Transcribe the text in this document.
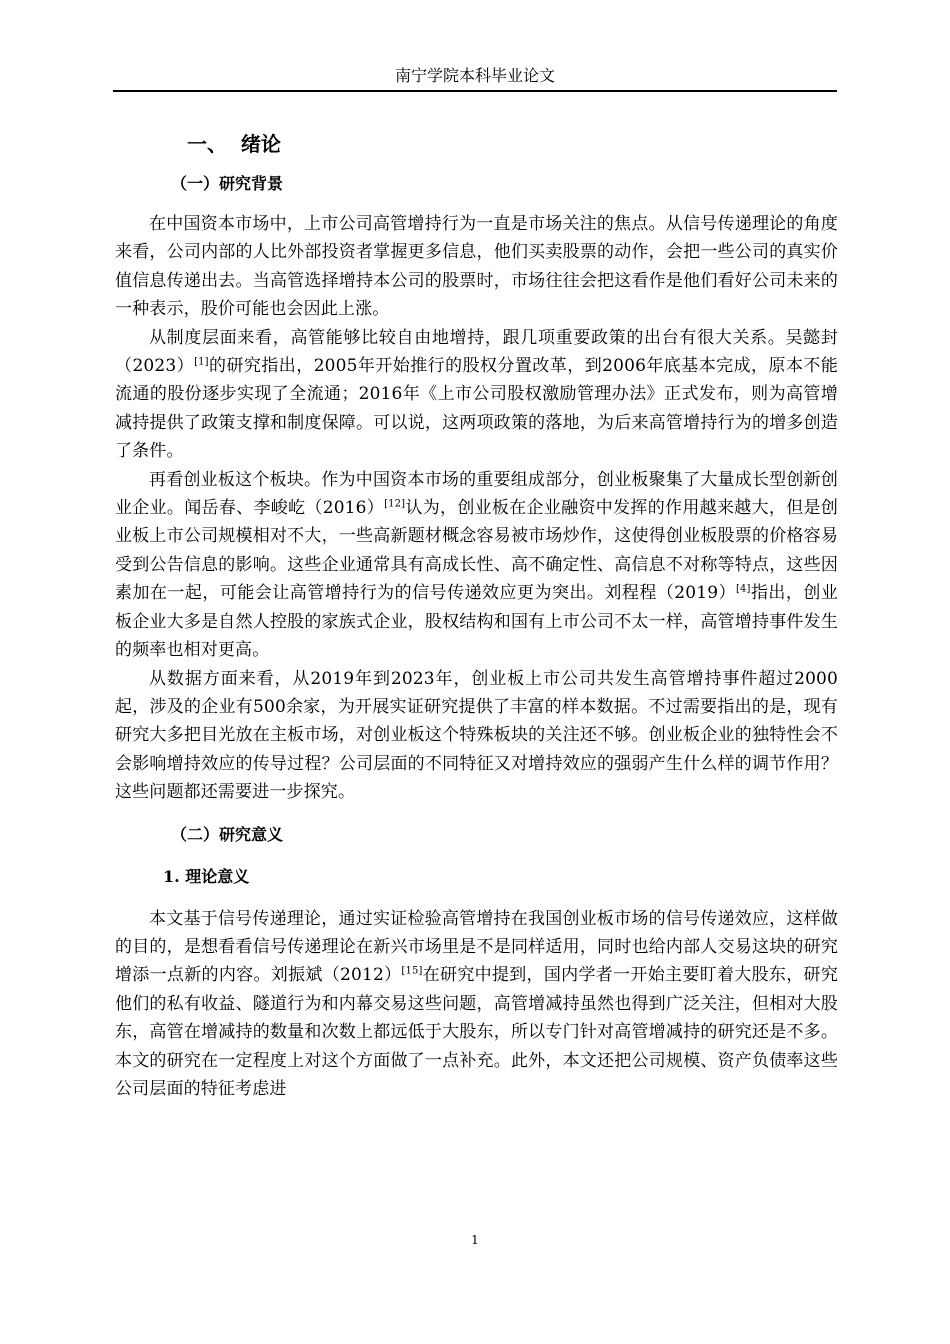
南宁学院本科毕业论文
一、  绪论
（一）研究背景

在中国资本市场中，上市公司高管增持行为一直是市场关注的焦点。从信号传递理论的角度来看，公司内部的人比外部投资者掌握更多信息，他们买卖股票的动作，会把一些公司的真实价值信息传递出去。当高管选择增持本公司的股票时，市场往往会把这看作是他们看好公司未来的一种表示，股价可能也会因此上涨。

从制度层面来看，高管能够比较自由地增持，跟几项重要政策的出台有很大关系。吴懿封（2023）[1]的研究指出，2005年开始推行的股权分置改革，到2006年底基本完成，原本不能流通的股份逐步实现了全流通；2016年《上市公司股权激励管理办法》正式发布，则为高管增减持提供了政策支撑和制度保障。可以说，这两项政策的落地，为后来高管增持行为的增多创造了条件。

再看创业板这个板块。作为中国资本市场的重要组成部分，创业板聚集了大量成长型创新创业企业。闻岳春、李峻屹（2016）[12]认为，创业板在企业融资中发挥的作用越来越大，但是创业板上市公司规模相对不大，一些高新题材概念容易被市场炒作，这使得创业板股票的价格容易受到公告信息的影响。这些企业通常具有高成长性、高不确定性、高信息不对称等特点，这些因素加在一起，可能会让高管增持行为的信号传递效应更为突出。刘程程（2019）[4]指出，创业板企业大多是自然人控股的家族式企业，股权结构和国有上市公司不太一样，高管增持事件发生的频率也相对更高。

从数据方面来看，从2019年到2023年，创业板上市公司共发生高管增持事件超过2000起，涉及的企业有500余家，为开展实证研究提供了丰富的样本数据。不过需要指出的是，现有研究大多把目光放在主板市场，对创业板这个特殊板块的关注还不够。创业板企业的独特性会不会影响增持效应的传导过程？公司层面的不同特征又对增持效应的强弱产生什么样的调节作用？这些问题都还需要进一步探究。

（二）研究意义
1. 理论意义

本文基于信号传递理论，通过实证检验高管增持在我国创业板市场的信号传递效应，这样做的目的，是想看看信号传递理论在新兴市场里是不是同样适用，同时也给内部人交易这块的研究增添一点新的内容。刘振斌（2012）[15]在研究中提到，国内学者一开始主要盯着大股东，研究他们的私有收益、隧道行为和内幕交易这些问题，高管增减持虽然也得到广泛关注，但相对大股东，高管在增减持的数量和次数上都远低于大股东，所以专门针对高管增减持的研究还是不多。本文的研究在一定程度上对这个方面做了一点补充。此外，本文还把公司规模、资产负债率这些公司层面的特征考虑进

1
